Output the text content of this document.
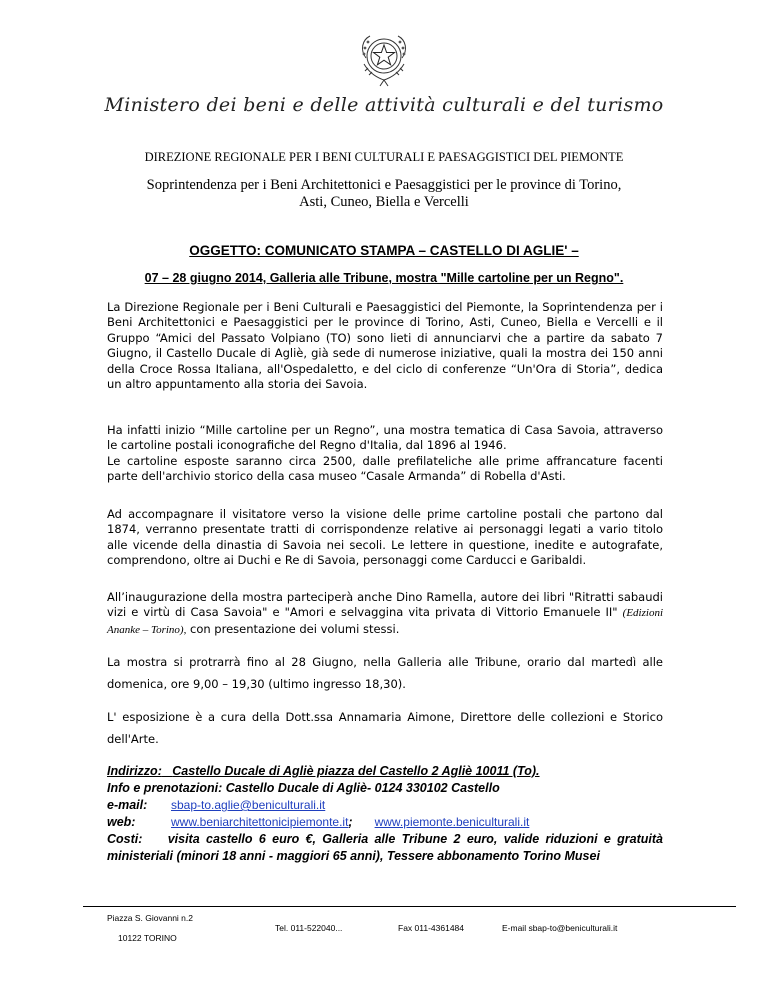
Ministero dei beni e delle attività culturali e del turismo
DIREZIONE REGIONALE PER I BENI CULTURALI E PAESAGGISTICI DEL PIEMONTE
Soprintendenza per i Beni Architettonici e Paesaggistici per le province di Torino,
Asti, Cuneo, Biella e Vercelli
OGGETTO: COMUNICATO STAMPA – CASTELLO DI AGLIE' –
07 – 28 giugno 2014, Galleria alle Tribune, mostra "Mille cartoline per un Regno".

La Direzione Regionale per i Beni Culturali e Paesaggistici del Piemonte, la Soprintendenza per i Beni Architettonici e Paesaggistici per le province di Torino, Asti, Cuneo, Biella e Vercelli e il Gruppo “Amici del Passato Volpiano (TO) sono lieti di annunciarvi che a partire da sabato 7 Giugno, il Castello Ducale di Agliè, già sede di numerose iniziative, quali la mostra dei 150 anni della Croce Rossa Italiana, all'Ospedaletto, e del ciclo di conferenze “Un'Ora di Storia”, dedica un altro appuntamento alla storia dei Savoia.

Ha infatti inizio “Mille cartoline per un Regno”, una mostra tematica di Casa Savoia, attraverso le cartoline postali iconografiche del Regno d'Italia, dal 1896 al 1946.

Le cartoline esposte saranno circa 2500, dalle prefilateliche alle prime affrancature facenti parte dell'archivio storico della casa museo “Casale Armanda” di Robella d'Asti.

Ad accompagnare il visitatore verso la visione delle prime cartoline postali che partono dal 1874, verranno presentate tratti di corrispondenze relative ai personaggi legati a vario titolo alle vicende della dinastia di Savoia nei secoli. Le lettere in questione, inedite e autografate, comprendono, oltre ai Duchi e Re di Savoia, personaggi come Carducci e Garibaldi.

All’inaugurazione della mostra parteciperà anche Dino Ramella, autore dei libri "Ritratti sabaudi vizi e virtù di Casa Savoia" e "Amori e selvaggina vita privata di Vittorio Emanuele II" (Edizioni Ananke – Torino), con presentazione dei volumi stessi.

La mostra si protrarrà fino al 28 Giugno, nella Galleria alle Tribune, orario dal martedì alle domenica, ore 9,00 – 19,30 (ultimo ingresso 18,30).

L' esposizione è a cura della Dott.ssa Annamaria Aimone, Direttore delle collezioni e Storico dell'Arte.

Indirizzo: Castello Ducale di Agliè piazza del Castello 2 Agliè 10011 (To).
Info e prenotazioni: Castello Ducale di Agliè- 0124 330102 Castello
e-mail: sbap-to.aglie@beniculturali.it
web:	www.beniarchitettonicipiemonte.it; www.piemonte.beniculturali.it
Costi: visita castello 6 euro €, Galleria alle Tribune 2 euro, valide riduzioni e gratuità ministeriali (minori 18 anni - maggiori 65 anni), Tessere abbonamento Torino Musei
Piazza S. Giovanni n.2
10122 TORINO
Tel. 011-522040...	Fax 011-4361484	E-mail sbap-to@beniculturali.it
